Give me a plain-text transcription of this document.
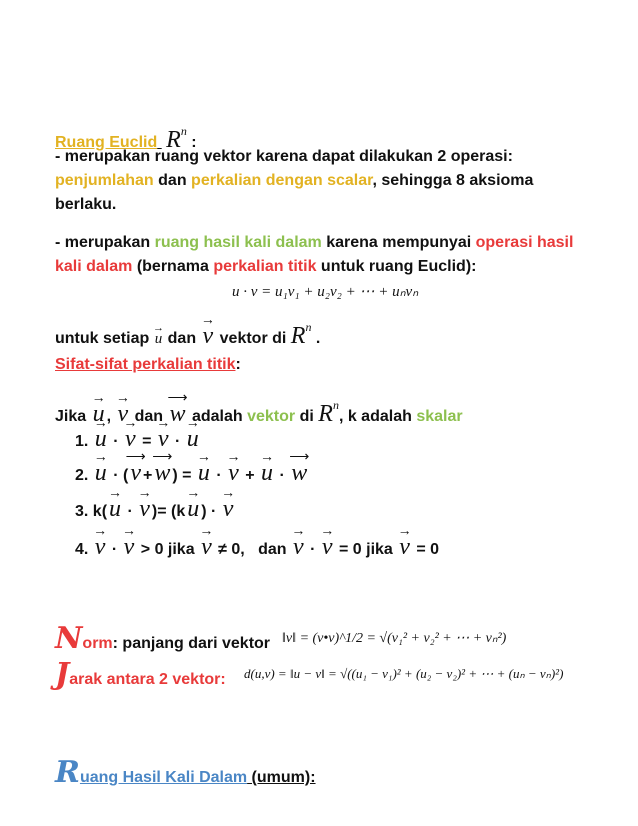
Ruang Euclid $R^n$ :
- merupakan ruang vektor karena dapat dilakukan 2 operasi:
penjumlahan dan perkalian dengan scalar, sehingga 8 aksioma
berlaku.
- merupakan ruang hasil kali dalam karena mempunyai operasi hasil
kali dalam (bernama perkalian titik untuk ruang Euclid):
u · v = u₁v₁ + u₂v₂ + ⋯ + uₙvₙ
untuk setiap → u dan → v vektor di $R^n$ .
Sifat-sifat perkalian titik:
Jika → u , → v dan ⟶ w adalah vektor di $R^n$, k adalah skalar
1. → u · → v = → v · → u
2. → u · (⟶ v +⟶ w ) = → u · → v + → u · ⟶ w
3. k(→ u · → v )= (k→ u ) · → v
4. → v · → v > 0 jika → v ≠ 0, dan → v · → v = 0 jika → v = 0
Norm: panjang dari vektor ‖v‖ = (v•v)^1/2 = √(v₁² + v₂² + ⋯ + vₙ²)
Jarak antara 2 vektor: d(u,v) = ‖u − v‖ = √((u₁ − v₁)² + (u₂ − v₂)² + ⋯ + (uₙ − vₙ)²)
Ruang Hasil Kali Dalam (umum):
